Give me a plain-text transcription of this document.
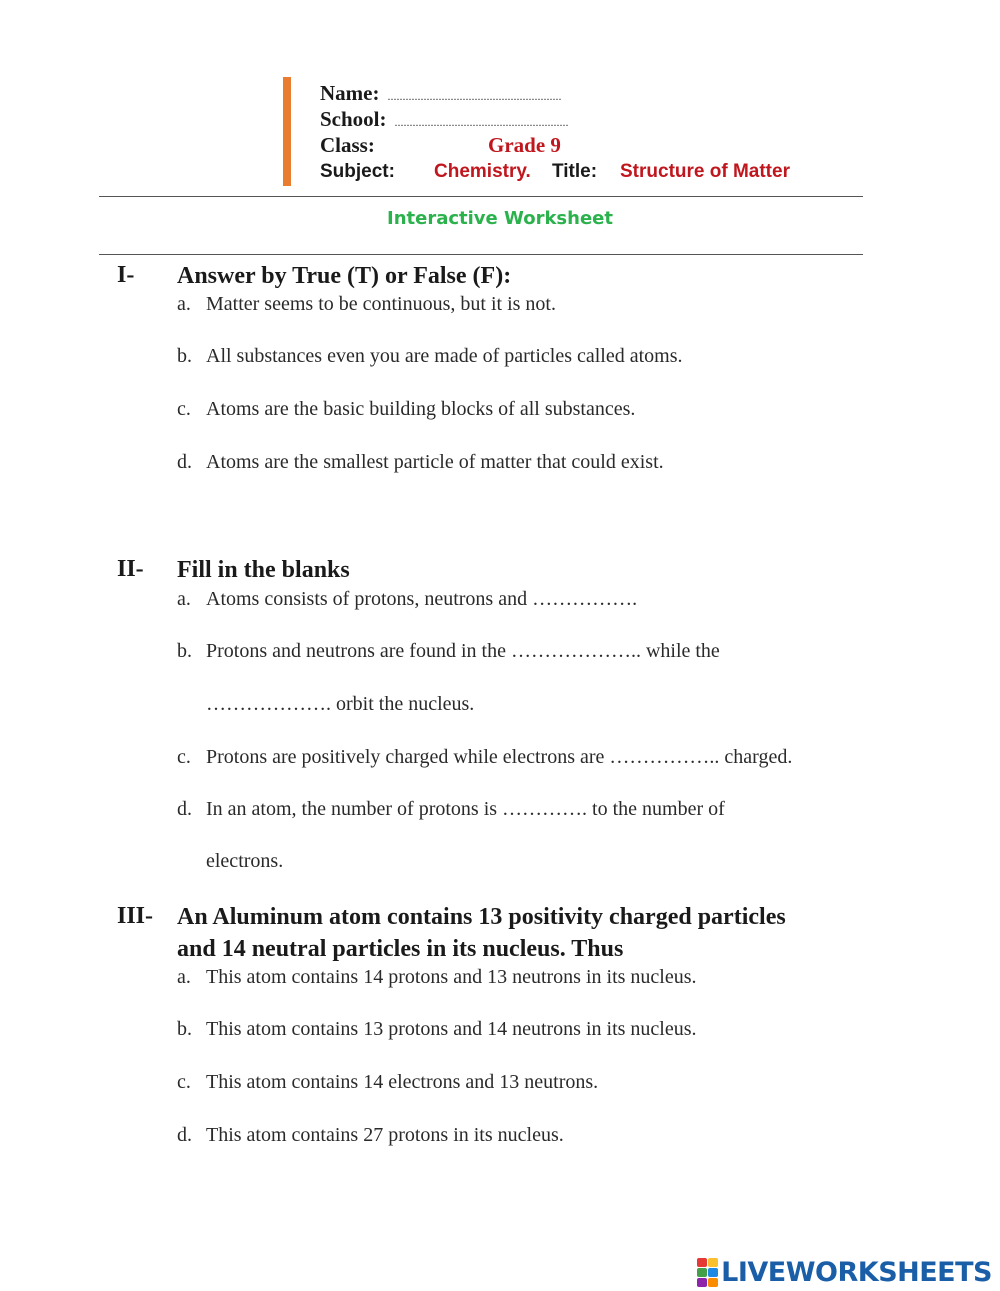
Name: ..........................................................
School: ..........................................................
Class:	Grade 9
Subject: Chemistry. Title: Structure of Matter
Interactive Worksheet
I- Answer by True (T) or False (F):
a. Matter seems to be continuous, but it is not.
b. All substances even you are made of particles called atoms.
c. Atoms are the basic building blocks of all substances.
d. Atoms are the smallest particle of matter that could exist.
II- Fill in the blanks
a. Atoms consists of protons, neutrons and …………….
b. Protons and neutrons are found in the ……………….. while the
………………. orbit the nucleus.
c. Protons are positively charged while electrons are …………….. charged.
d. In an atom, the number of protons is …………. to the number of
electrons.
III- An Aluminum atom contains 13 positivity charged particles
and 14 neutral particles in its nucleus. Thus
a. This atom contains 14 protons and 13 neutrons in its nucleus.
b. This atom contains 13 protons and 14 neutrons in its nucleus.
c. This atom contains 14 electrons and 13 neutrons.
d. This atom contains 27 protons in its nucleus.
LIVEWORKSHEETS
